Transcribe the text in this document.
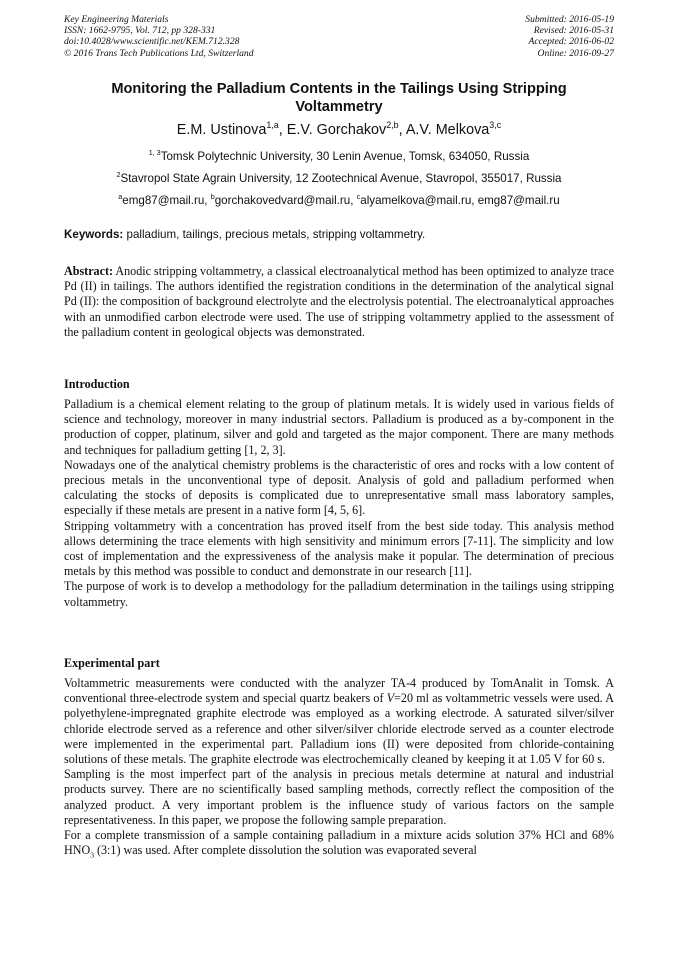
Key Engineering Materials
ISSN: 1662-9795, Vol. 712, pp 328-331
doi:10.4028/www.scientific.net/KEM.712.328
© 2016 Trans Tech Publications Ltd, Switzerland
Submitted: 2016-05-19
Revised: 2016-05-31
Accepted: 2016-06-02
Online: 2016-09-27
Monitoring the Palladium Contents in the Tailings Using Stripping
Voltammetry
E.M. Ustinova$^{1,a}$, E.V. Gorchakov$^{2,b}$, A.V. Melkova$^{3,c}$
$^{1, 3}$Tomsk Polytechnic University, 30 Lenin Avenue, Tomsk, 634050, Russia
$^2$Stavropol State Agrain University, 12 Zootechnical Avenue, Stavropol, 355017, Russia
$^a$emg87@mail.ru, $^b$gorchakovedvard@mail.ru, $^c$alyamelkova@mail.ru, emg87@mail.ru
Keywords: palladium, tailings, precious metals, stripping voltammetry.
Abstract: Anodic stripping voltammetry, a classical electroanalytical method has been optimized to analyze trace Pd (II) in tailings. The authors identified the registration conditions in the determination of the analytical signal Pd (II): the composition of background electrolyte and the electrolysis potential. The electroanalytical approaches with an unmodified carbon electrode were used. The use of stripping voltammetry applied to the assessment of the palladium content in geological objects was demonstrated.
Introduction

Palladium is a chemical element relating to the group of platinum metals. It is widely used in various fields of science and technology, moreover in many industrial sectors. Palladium is produced as a by-component in the production of copper, platinum, silver and gold and targeted as the major component. There are many methods and techniques for palladium getting [1, 2, 3].

Nowadays one of the analytical chemistry problems is the characteristic of ores and rocks with a low content of precious metals in the unconventional type of deposit. Analysis of gold and palladium performed when calculating the stocks of deposits is complicated due to unrepresentative small mass laboratory samples, especially if these metals are present in a native form [4, 5, 6].

Stripping voltammetry with a concentration has proved itself from the best side today. This analysis method allows determining the trace elements with high sensitivity and minimum errors [7-11]. The simplicity and low cost of implementation and the expressiveness of the analysis make it popular. The determination of precious metals by this method was possible to conduct and demonstrate in our research [11].

The purpose of work is to develop a methodology for the palladium determination in the tailings using stripping voltammetry.

Experimental part

Voltammetric measurements were conducted with the analyzer TA-4 produced by TomAnalit in Tomsk. A conventional three-electrode system and special quartz beakers of V=20 ml as voltammetric vessels were used. A polyethylene-impregnated graphite electrode was employed as a working electrode. A saturated silver/silver chloride electrode served as a reference and other silver/silver chloride electrode served as a counter electrode were implemented in the experimental part. Palladium ions (II) were deposited from chloride-containing solutions of these metals. The graphite electrode was electrochemically cleaned by keeping it at 1.05 V for 60 s.

Sampling is the most imperfect part of the analysis in precious metals determine at natural and industrial products survey. There are no scientifically based sampling methods, correctly reflect the composition of the analyzed product. A very important problem is the influence study of various factors on the sample representativeness. In this paper, we propose the following sample preparation.

For a complete transmission of a sample containing palladium in a mixture acids solution 37% HCl and 68% $HNO_3$ (3:1) was used. After complete dissolution the solution was evaporated several
